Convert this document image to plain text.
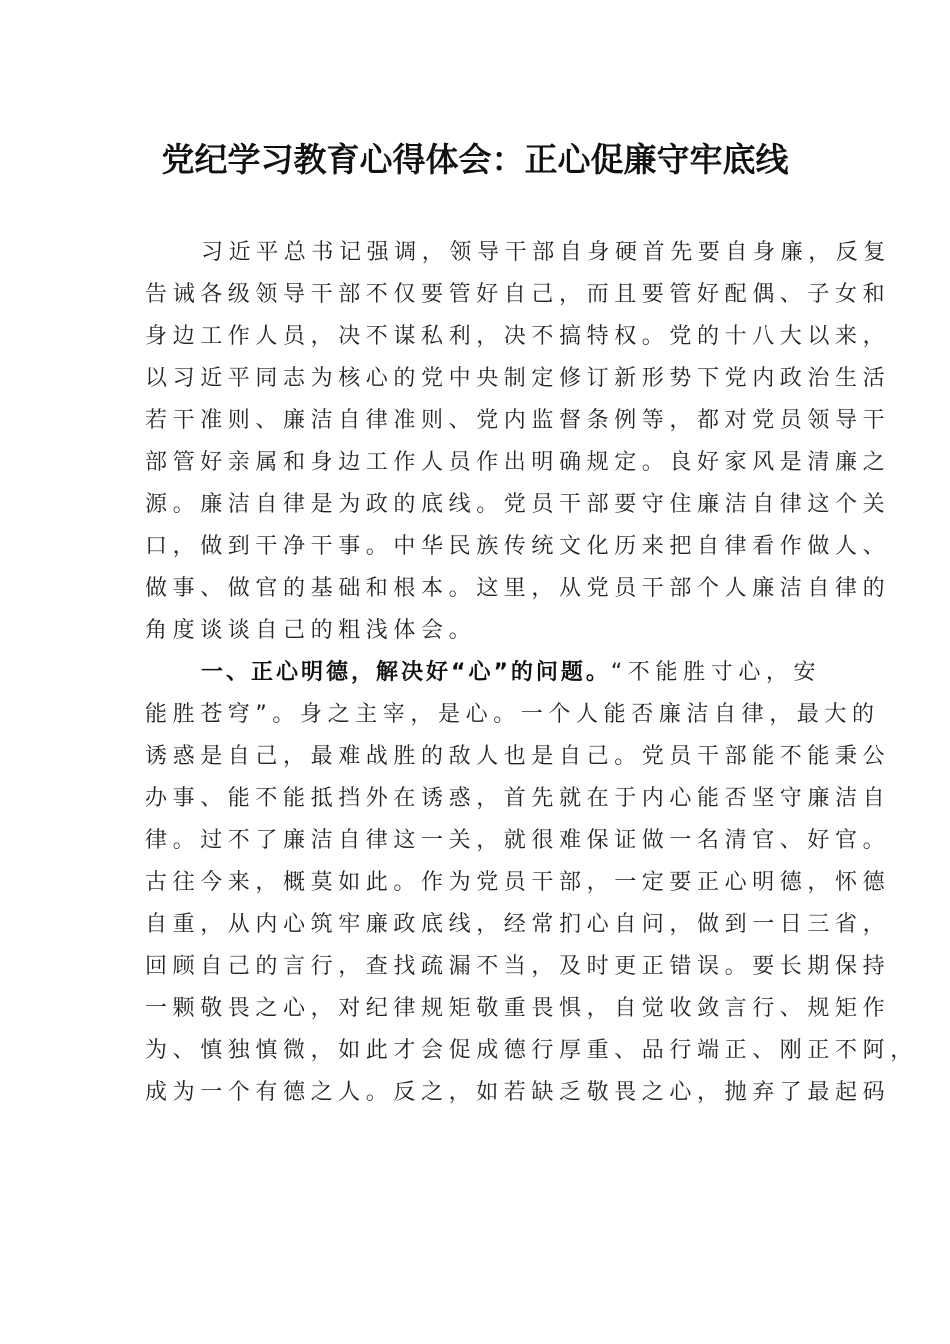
党纪学习教育心得体会：正心促廉守牢底线
习近平总书记强调，领导干部自身硬首先要自身廉，反复
告诫各级领导干部不仅要管好自己，而且要管好配偶、子女和
身边工作人员，决不谋私利，决不搞特权。党的十八大以来，
以习近平同志为核心的党中央制定修订新形势下党内政治生活
若干准则、廉洁自律准则、党内监督条例等，都对党员领导干
部管好亲属和身边工作人员作出明确规定。良好家风是清廉之
源。廉洁自律是为政的底线。党员干部要守住廉洁自律这个关
口，做到干净干事。中华民族传统文化历来把自律看作做人、
做事、做官的基础和根本。这里，从党员干部个人廉洁自律的
角度谈谈自己的粗浅体会。
一、正心明德，解决好“心”的问题。“不能胜寸心，安
能胜苍穹”。身之主宰，是心。一个人能否廉洁自律，最大的
诱惑是自己，最难战胜的敌人也是自己。党员干部能不能秉公
办事、能不能抵挡外在诱惑，首先就在于内心能否坚守廉洁自
律。过不了廉洁自律这一关，就很难保证做一名清官、好官。
古往今来，概莫如此。作为党员干部，一定要正心明德，怀德
自重，从内心筑牢廉政底线，经常扪心自问，做到一日三省，
回顾自己的言行，查找疏漏不当，及时更正错误。要长期保持
一颗敬畏之心，对纪律规矩敬重畏惧，自觉收敛言行、规矩作
为、慎独慎微，如此才会促成德行厚重、品行端正、刚正不阿，
成为一个有德之人。反之，如若缺乏敬畏之心，抛弃了最起码
